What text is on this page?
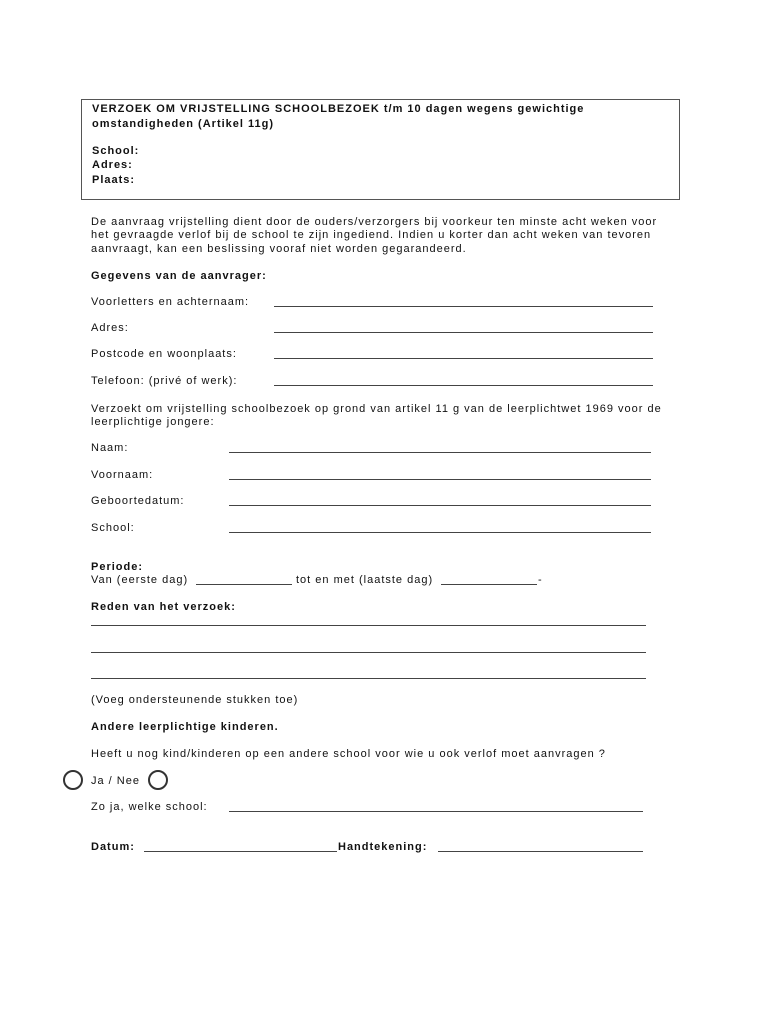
VERZOEK OM VRIJSTELLING SCHOOLBEZOEK t/m 10 dagen wegens gewichtige
omstandigheden (Artikel 11g)
School:
Adres:
Plaats:
De aanvraag vrijstelling dient door de ouders/verzorgers bij voorkeur ten minste acht weken voor
het gevraagde verlof bij de school te zijn ingediend. Indien u korter dan acht weken van tevoren
aanvraagt, kan een beslissing vooraf niet worden gegarandeerd.
Gegevens van de aanvrager:
Voorletters en achternaam:
Adres:
Postcode en woonplaats:
Telefoon: (privé of werk):
Verzoekt om vrijstelling schoolbezoek op grond van artikel 11 g van de leerplichtwet 1969 voor de
leerplichtige jongere:
Naam:
Voornaam:
Geboortedatum:
School:
Periode:
Van (eerste dag)	tot en met (laatste dag)	-
Reden van het verzoek:
(Voeg ondersteunende stukken toe)
Andere leerplichtige kinderen.
Heeft u nog kind/kinderen op een andere school voor wie u ook verlof moet aanvragen ?
Ja / Nee
Zo ja, welke school:
Datum:	Handtekening:
